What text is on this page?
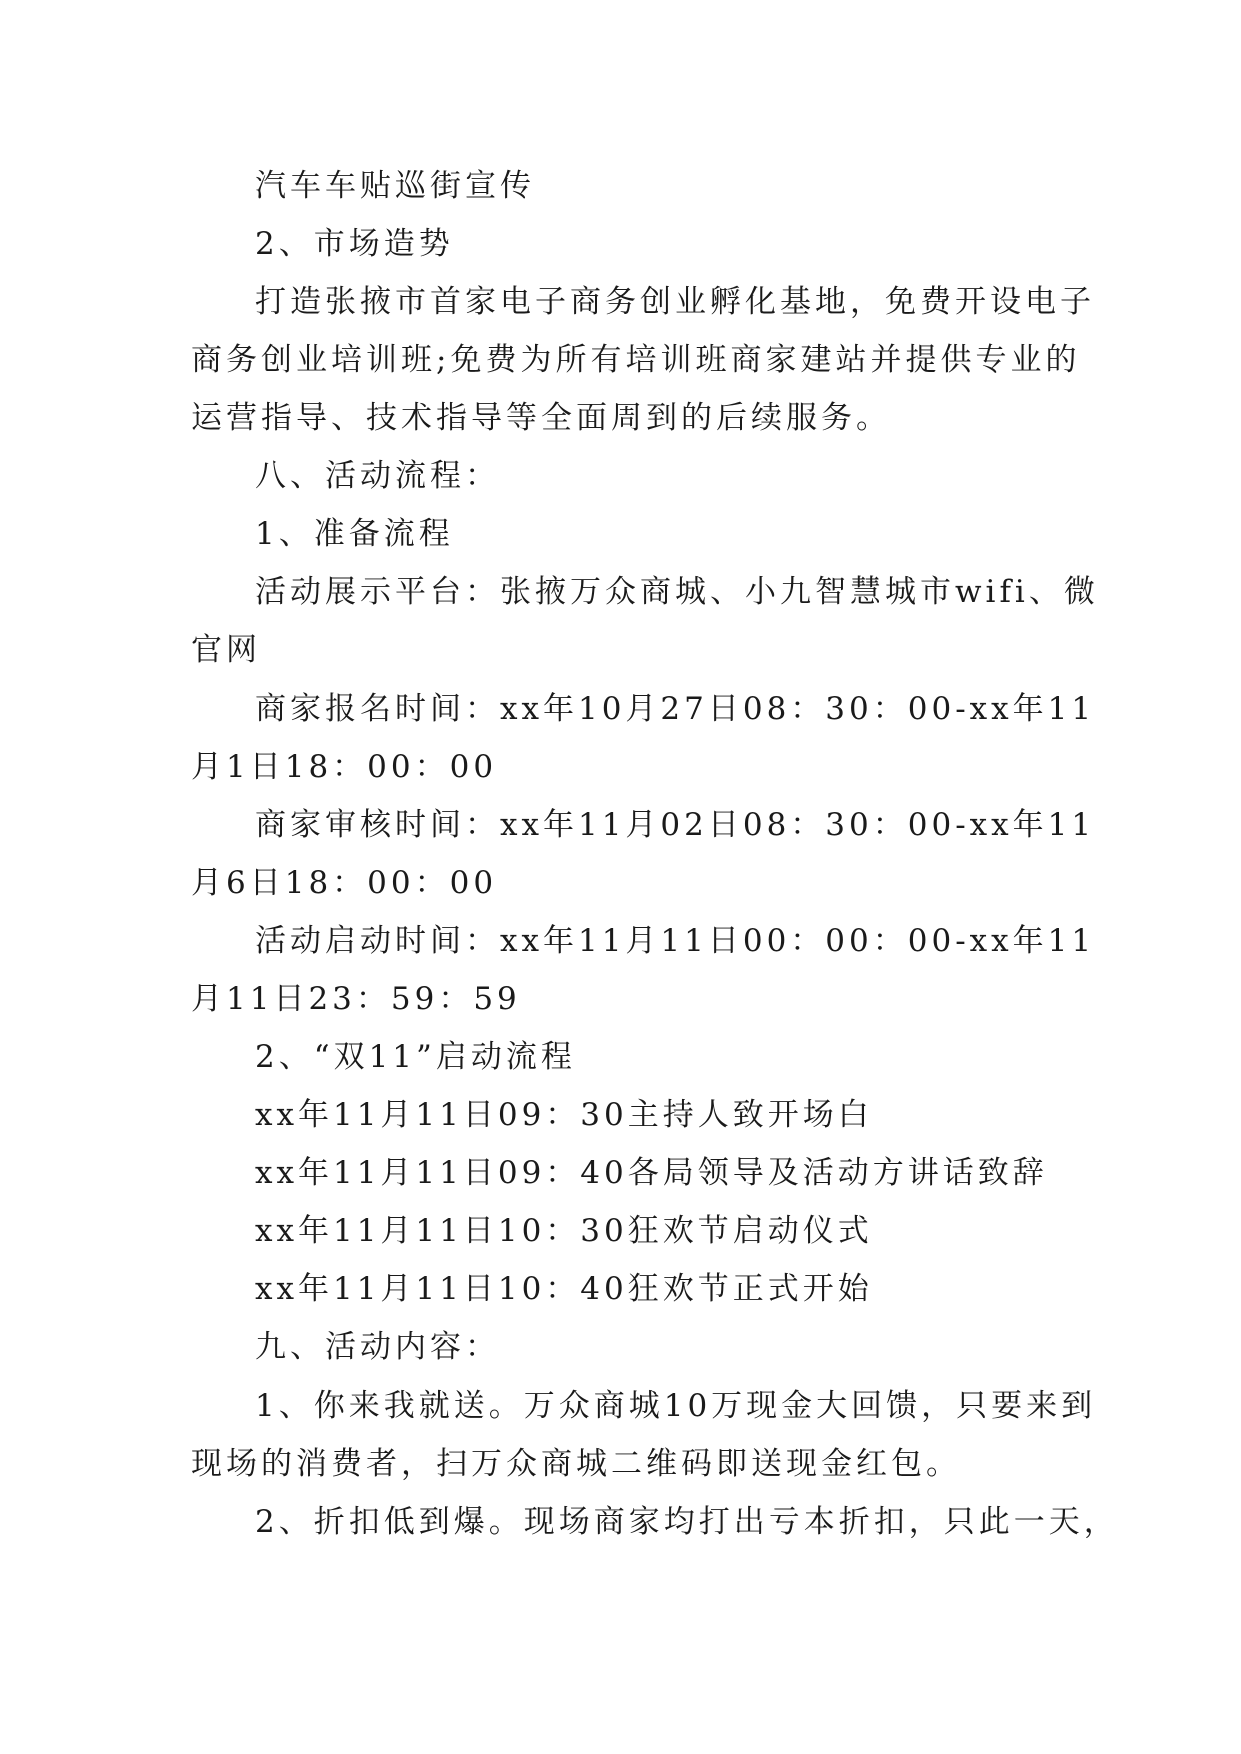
汽车车贴巡街宣传
2、市场造势
打造张掖市首家电子商务创业孵化基地，免费开设电子
商务创业培训班;免费为所有培训班商家建站并提供专业的
运营指导、技术指导等全面周到的后续服务。
八、活动流程：
1、准备流程
活动展示平台：张掖万众商城、小九智慧城市wifi、微
官网
商家报名时间：xx年10月27日08：30：00-xx年11
月1日18：00：00
商家审核时间：xx年11月02日08：30：00-xx年11
月6日18：00：00
活动启动时间：xx年11月11日00：00：00-xx年11
月11日23：59：59
2、“双11”启动流程
xx年11月11日09：30主持人致开场白
xx年11月11日09：40各局领导及活动方讲话致辞
xx年11月11日10：30狂欢节启动仪式
xx年11月11日10：40狂欢节正式开始
九、活动内容：
1、你来我就送。万众商城10万现金大回馈，只要来到
现场的消费者，扫万众商城二维码即送现金红包。
2、折扣低到爆。现场商家均打出亏本折扣，只此一天，
